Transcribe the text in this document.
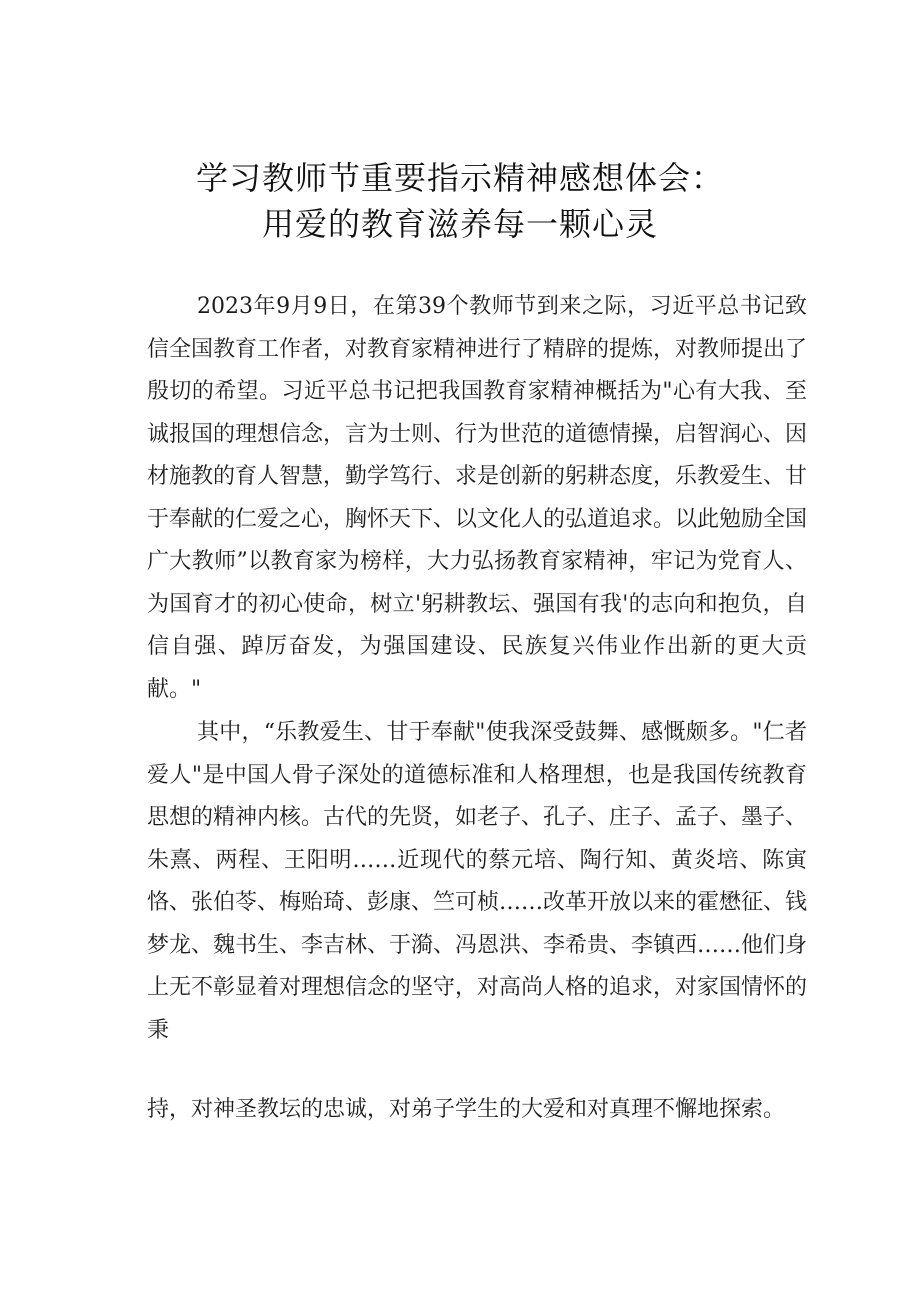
学习教师节重要指示精神感想体会：
用爱的教育滋养每一颗心灵
2023年9月9日，在第39个教师节到来之际，习近平总书记致信全国教育工作者，对教育家精神进行了精辟的提炼，对教师提出了殷切的希望。习近平总书记把我国教育家精神概括为"心有大我、至诚报国的理想信念，言为士则、行为世范的道德情操，启智润心、因材施教的育人智慧，勤学笃行、求是创新的躬耕态度，乐教爱生、甘于奉献的仁爱之心，胸怀天下、以文化人的弘道追求。以此勉励全国广大教师”以教育家为榜样，大力弘扬教育家精神，牢记为党育人、为国育才的初心使命，树立'躬耕教坛、强国有我'的志向和抱负，自信自强、踔厉奋发，为强国建设、民族复兴伟业作出新的更大贡献。"
其中，“乐教爱生、甘于奉献"使我深受鼓舞、感慨颇多。"仁者爱人"是中国人骨子深处的道德标准和人格理想，也是我国传统教育思想的精神内核。古代的先贤，如老子、孔子、庄子、孟子、墨子、朱熹、两程、王阳明……近现代的蔡元培、陶行知、黄炎培、陈寅恪、张伯苓、梅贻琦、彭康、竺可桢……改革开放以来的霍懋征、钱梦龙、魏书生、李吉林、于漪、冯恩洪、李希贵、李镇西……他们身上无不彰显着对理想信念的坚守，对高尚人格的追求，对家国情怀的秉
持，对神圣教坛的忠诚，对弟子学生的大爱和对真理不懈地探索。
